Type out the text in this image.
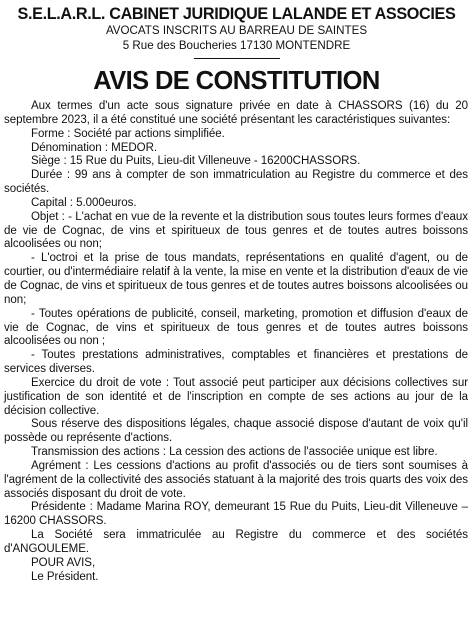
S.E.L.A.R.L. CABINET JURIDIQUE LALANDE ET ASSOCIES

AVOCATS INSCRITS AU BARREAU DE SAINTES

5 Rue des Boucheries 17130 MONTENDRE

AVIS DE CONSTITUTION

Aux termes d'un acte sous signature privée en date à CHASSORS (16) du 20 septembre 2023, il a été constitué une société présentant les caractéristiques suivantes:

Forme : Société par actions simplifiée.

Dénomination : MEDOR.

Siège : 15 Rue du Puits, Lieu-dit Villeneuve - 16200CHASSORS.

Durée : 99 ans à compter de son immatriculation au Registre du commerce et des sociétés.

Capital : 5.000euros.

Objet : - L'achat en vue de la revente et la distribution sous toutes leurs formes d'eaux de vie de Cognac, de vins et spiritueux de tous genres et de toutes autres boissons alcoolisées ou non;

- L'octroi et la prise de tous mandats, représentations en qualité d'agent, ou de courtier, ou d'intermédiaire relatif à la vente, la mise en vente et la distribution d'eaux de vie de Cognac, de vins et spiritueux de tous genres et de toutes autres boissons alcoolisées ou non;

- Toutes opérations de publicité, conseil, marketing, promotion et diffusion d'eaux de vie de Cognac, de vins et spiritueux de tous genres et de toutes autres boissons alcoolisées ou non ;

- Toutes prestations administratives, comptables et financières et prestations de services diverses.

Exercice du droit de vote : Tout associé peut participer aux décisions collectives sur justification de son identité et de l'inscription en compte de ses actions au jour de la décision collective.

Sous réserve des dispositions légales, chaque associé dispose d'autant de voix qu'il possède ou représente d'actions.

Transmission des actions : La cession des actions de l'associée unique est libre.

Agrément : Les cessions d'actions au profit d'associés ou de tiers sont soumises à l'agrément de la collectivité des associés statuant à la majorité des trois quarts des voix des associés disposant du droit de vote.

Présidente : Madame Marina ROY, demeurant 15 Rue du Puits, Lieu-dit Villeneuve – 16200 CHASSORS.

La Société sera immatriculée au Registre du commerce et des sociétés d'ANGOULEME.

POUR AVIS,

Le Président.
